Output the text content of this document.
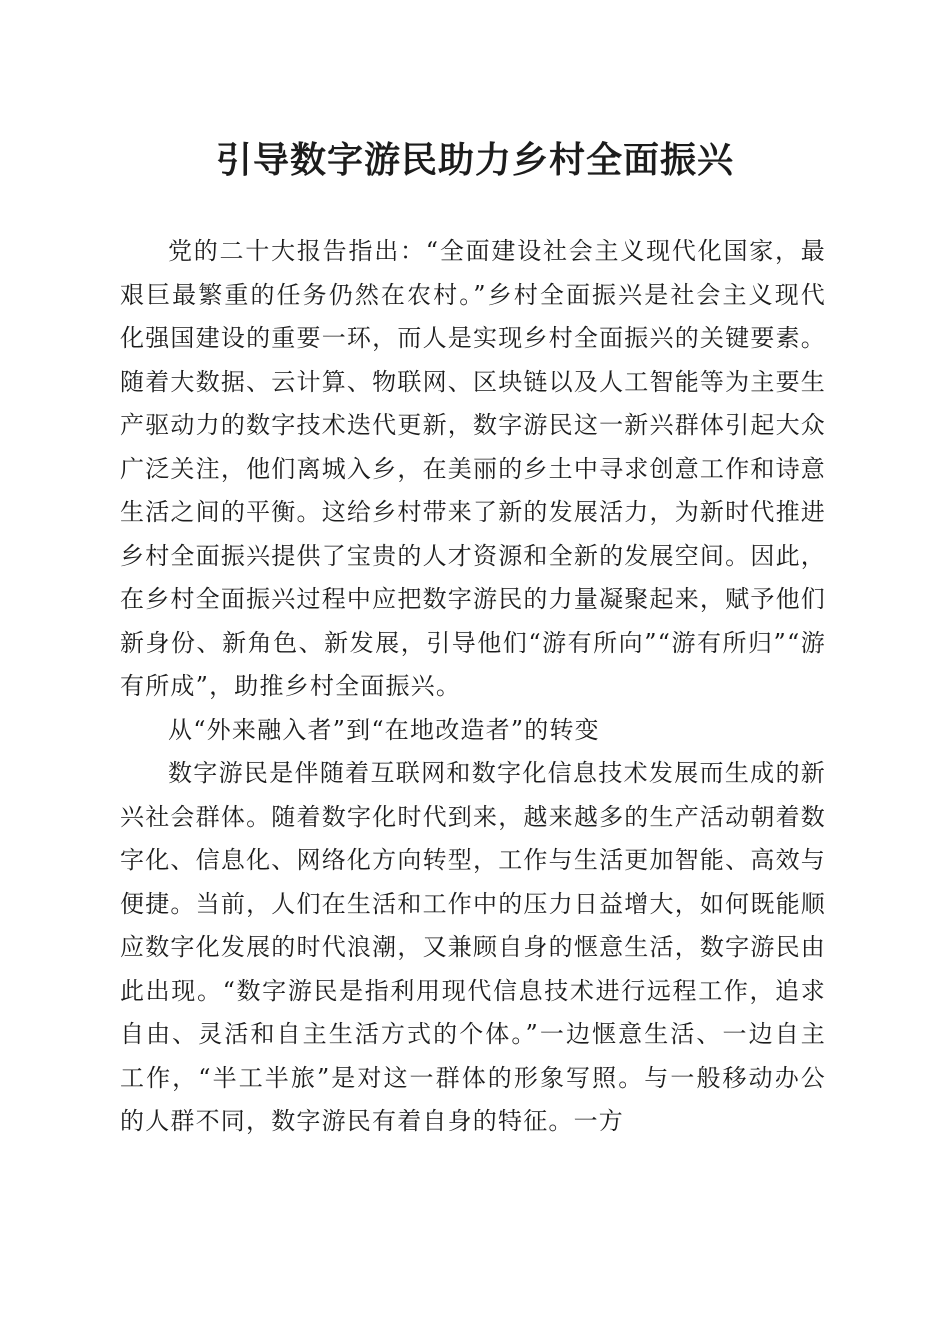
引导数字游民助力乡村全面振兴

党的二十大报告指出：“全面建设社会主义现代化国家，最艰巨最繁重的任务仍然在农村。”乡村全面振兴是社会主义现代化强国建设的重要一环，而人是实现乡村全面振兴的关键要素。随着大数据、云计算、物联网、区块链以及人工智能等为主要生产驱动力的数字技术迭代更新，数字游民这一新兴群体引起大众广泛关注，他们离城入乡，在美丽的乡土中寻求创意工作和诗意生活之间的平衡。这给乡村带来了新的发展活力，为新时代推进乡村全面振兴提供了宝贵的人才资源和全新的发展空间。因此，在乡村全面振兴过程中应把数字游民的力量凝聚起来，赋予他们新身份、新角色、新发展，引导他们“游有所向”“游有所归”“游有所成”，助推乡村全面振兴。

从“外来融入者”到“在地改造者”的转变

数字游民是伴随着互联网和数字化信息技术发展而生成的新兴社会群体。随着数字化时代到来，越来越多的生产活动朝着数字化、信息化、网络化方向转型，工作与生活更加智能、高效与便捷。当前，人们在生活和工作中的压力日益增大，如何既能顺应数字化发展的时代浪潮，又兼顾自身的惬意生活，数字游民由此出现。“数字游民是指利用现代信息技术进行远程工作，追求自由、灵活和自主生活方式的个体。”一边惬意生活、一边自主工作，“半工半旅”是对这一群体的形象写照。与一般移动办公的人群不同，数字游民有着自身的特征。一方
